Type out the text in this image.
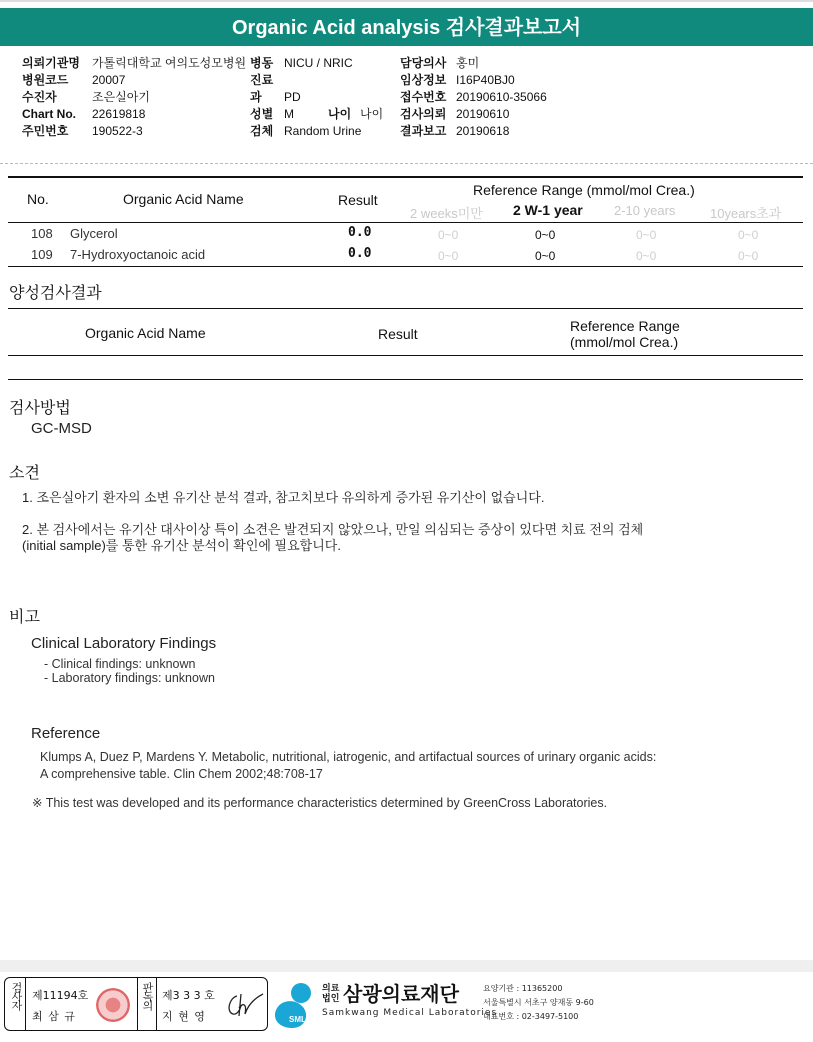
Organic Acid analysis 검사결과보고서
의뢰기관명 가톨릭대학교 여의도성모병원
병원코드 20007
수진자	조은실아기
Chart No. 22619818
주민번호 190522-3
병동 NICU / NRIC
진료과 PD
성별 M	나이 나이
검체 Random Urine
담당의사 홍미
임상정보 I16P40BJ0
접수번호 20190610-35066
검사의뢰 20190610
결과보고 20190618
No.	Organic Acid Name	Result
Reference Range (mmol/mol Crea.)
2 weeks미만 2 W-1 year 2-10 years	10years초과
108 Glycerol	0.0	0~0	0~0	0~0	0~0
109 7-Hydroxyoctanoic acid	0.0	0~0	0~0	0~0	0~0
양성검사결과
Organic Acid Name	Result	Reference Range
(mmol/mol Crea.)
검사방법
GC-MSD
소견
1. 조은실아기 환자의 소변 유기산 분석 결과, 참고치보다 유의하게 증가된 유기산이 없습니다.
2. 본 검사에서는 유기산 대사이상 특이 소견은 발견되지 않았으나, 만일 의심되는 증상이 있다면 치료 전의 검체
(initial sample)를 통한 유기산 분석이 확인에 필요합니다.
비고
Clinical Laboratory Findings
- Clinical findings: unknown
- Laboratory findings: unknown
Reference
Klumps A, Duez P, Mardens Y. Metabolic, nutritional, iatrogenic, and artifactual sources of urinary organic acids:
A comprehensive table. Clin Chem 2002;48:708-17
※ This test was developed and its performance characteristics determined by GreenCross Laboratories.
검사자 제11194호
최 삼 규
판독의 제3 3 3 호
지 현 영	SML
의료
법인 삼광의료재단
Samkwang Medical Laboratories
요양기관 : 11365200
서울특별시 서초구 양재동 9-60
대표번호 : 02-3497-5100
